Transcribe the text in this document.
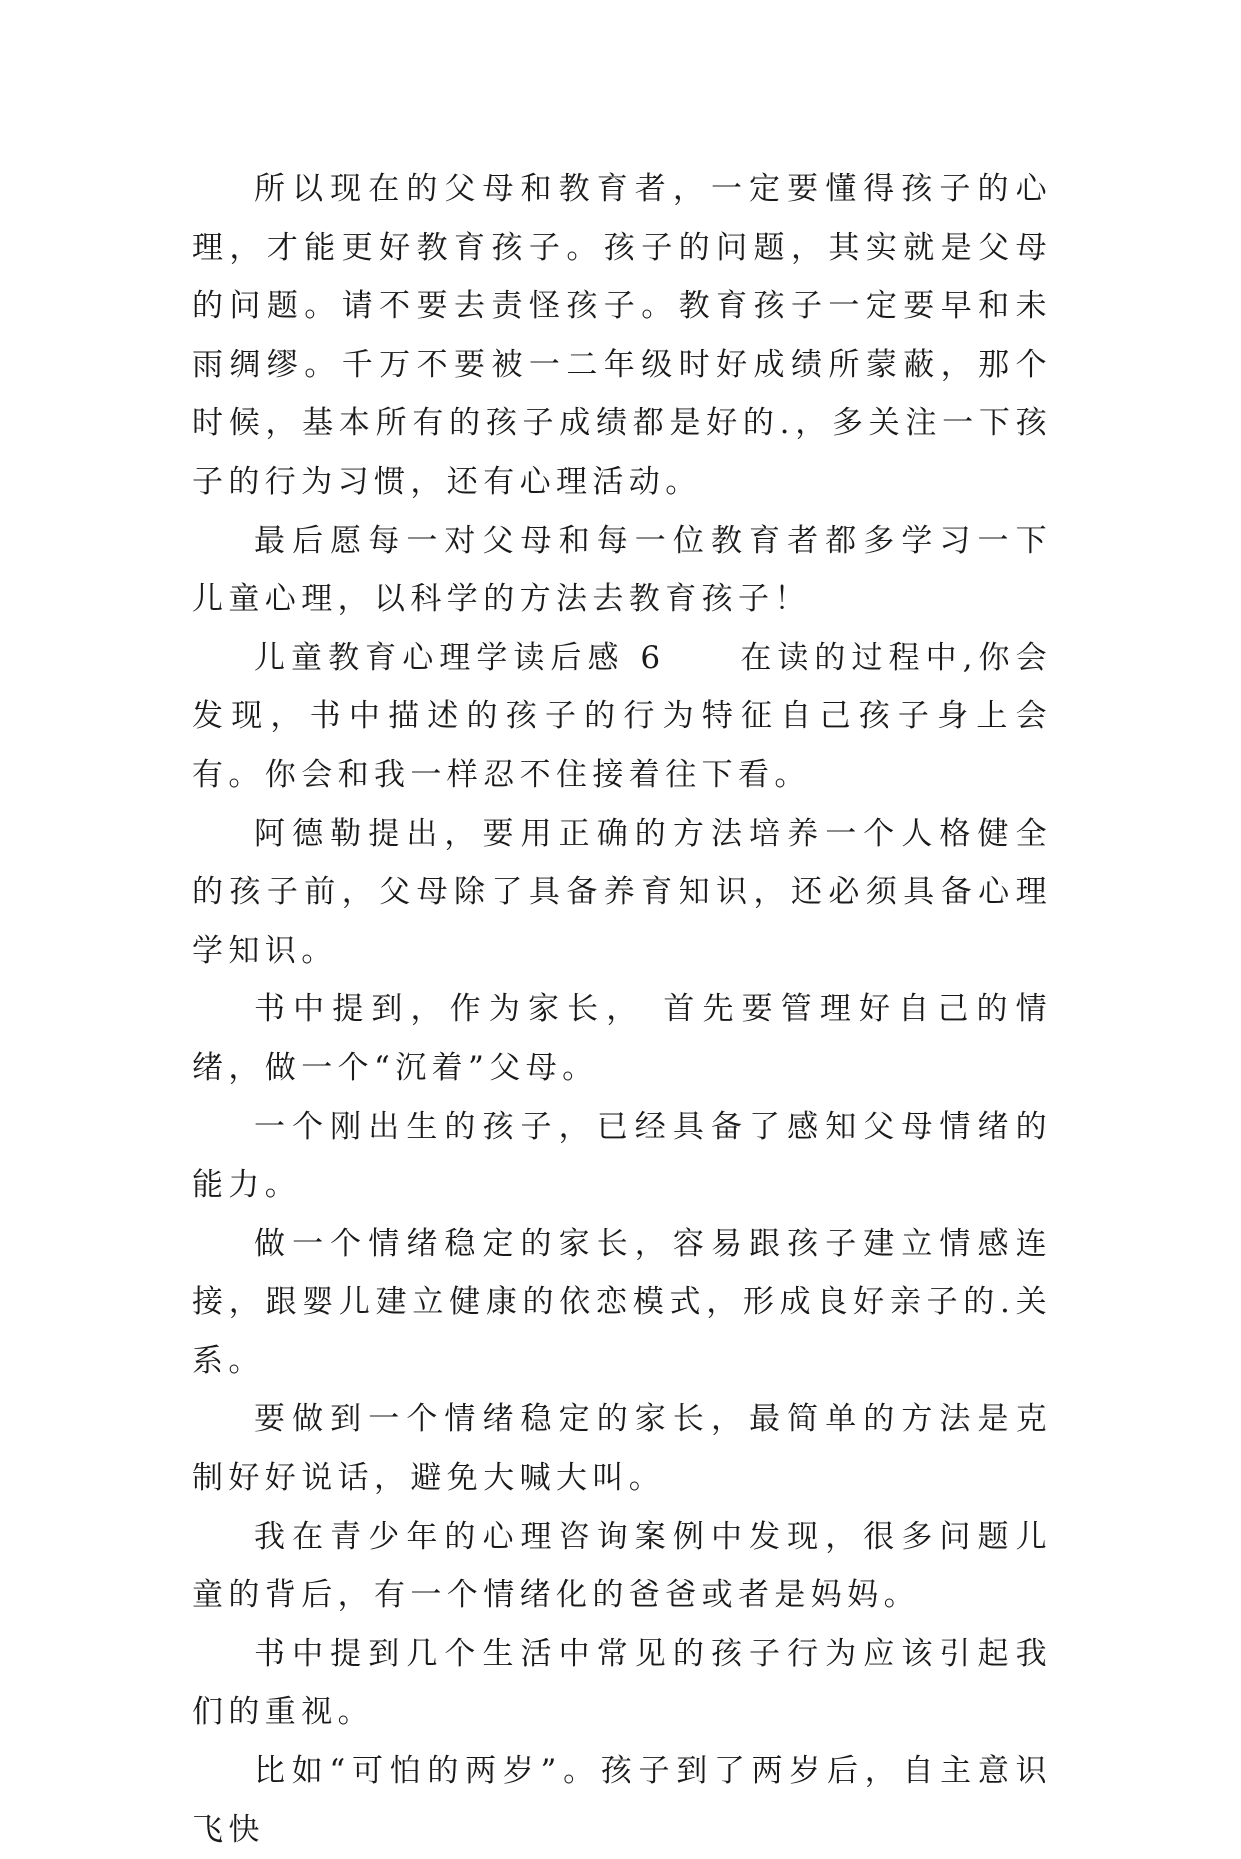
所以现在的父母和教育者，一定要懂得孩子的心理，才能更好教育孩子。孩子的问题，其实就是父母的问题。请不要去责怪孩子。教育孩子一定要早和未雨绸缪。千万不要被一二年级时好成绩所蒙蔽，那个时候，基本所有的孩子成绩都是好的.，多关注一下孩子的行为习惯，还有心理活动。

最后愿每一对父母和每一位教育者都多学习一下儿童心理，以科学的方法去教育孩子！

儿童教育心理学读后感 6　　在读的过程中,你会发现，书中描述的孩子的行为特征自己孩子身上会有。你会和我一样忍不住接着往下看。

阿德勒提出，要用正确的方法培养一个人格健全的孩子前，父母除了具备养育知识，还必须具备心理学知识。

书中提到，作为家长， 首先要管理好自己的情绪，做一个“沉着”父母。

一个刚出生的孩子，已经具备了感知父母情绪的能力。

做一个情绪稳定的家长，容易跟孩子建立情感连接，跟婴儿建立健康的依恋模式，形成良好亲子的.关系。

要做到一个情绪稳定的家长，最简单的方法是克制好好说话，避免大喊大叫。

我在青少年的心理咨询案例中发现，很多问题儿童的背后，有一个情绪化的爸爸或者是妈妈。

书中提到几个生活中常见的孩子行为应该引起我们的重视。

比如“可怕的两岁”。孩子到了两岁后，自主意识飞快
